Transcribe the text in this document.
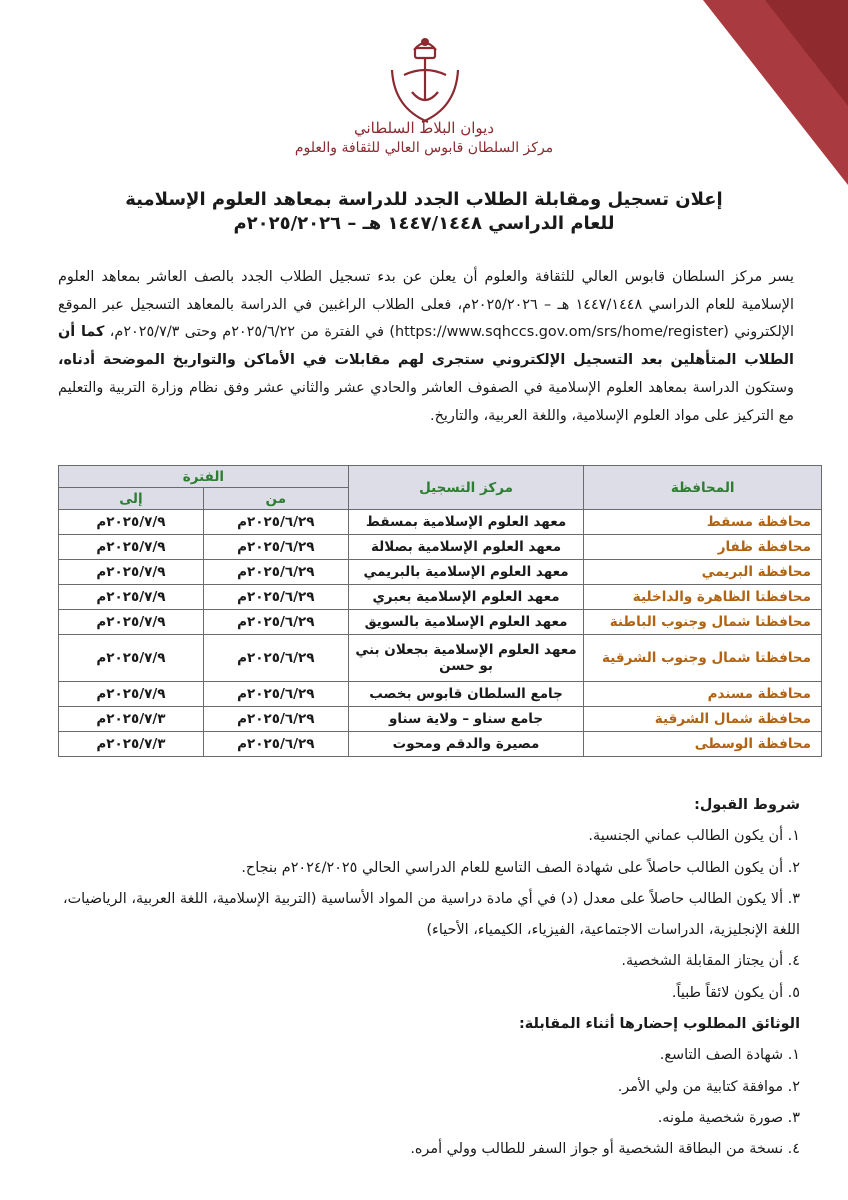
ديوان البلاط السلطاني
مركز السلطان قابوس العالي للثقافة والعلوم
إعلان تسجيل ومقابلة الطلاب الجدد للدراسة بمعاهد العلوم الإسلامية
للعام الدراسي ١٤٤٧/١٤٤٨ هـ – ٢٠٢٥/٢٠٢٦م
يسر مركز السلطان قابوس العالي للثقافة والعلوم أن يعلن عن بدء تسجيل الطلاب الجدد بالصف العاشر بمعاهد العلوم الإسلامية للعام الدراسي ١٤٤٧/١٤٤٨ هـ – ٢٠٢٥/٢٠٢٦م، فعلى الطلاب الراغبين في الدراسة بالمعاهد التسجيل عبر الموقع الإلكتروني (https://www.sqhccs.gov.om/srs/home/register) في الفترة من ٢٠٢٥/٦/٢٢م وحتى ٢٠٢٥/٧/٣م، كما أن الطلاب المتأهلين بعد التسجيل الإلكتروني ستجرى لهم مقابلات في الأماكن والتواريخ الموضحة أدناه، وستكون الدراسة بمعاهد العلوم الإسلامية في الصفوف العاشر والحادي عشر والثاني عشر وفق نظام وزارة التربية والتعليم مع التركيز على مواد العلوم الإسلامية، واللغة العربية، والتاريخ.
المحافظة	مركز التسجيل	الفترة	
		من	إلى
محافظة مسقط	معهد العلوم الإسلامية بمسقط	٢٠٢٥/٦/٢٩م	٢٠٢٥/٧/٩م
محافظة ظفار	معهد العلوم الإسلامية بصلالة	٢٠٢٥/٦/٢٩م	٢٠٢٥/٧/٩م
محافظة البريمي	معهد العلوم الإسلامية بالبريمي	٢٠٢٥/٦/٢٩م	٢٠٢٥/٧/٩م
محافظتا الظاهرة والداخلية	معهد العلوم الإسلامية بعبري	٢٠٢٥/٦/٢٩م	٢٠٢٥/٧/٩م
محافظتا شمال وجنوب الباطنة	معهد العلوم الإسلامية بالسويق	٢٠٢٥/٦/٢٩م	٢٠٢٥/٧/٩م
محافظتا شمال وجنوب الشرقية	معهد العلوم الإسلامية بجعلان بني بو حسن	٢٠٢٥/٦/٢٩م	٢٠٢٥/٧/٩م
محافظة مسندم	جامع السلطان قابوس بخصب	٢٠٢٥/٦/٢٩م	٢٠٢٥/٧/٩م
محافظة شمال الشرقية	جامع سناو – ولاية سناو	٢٠٢٥/٦/٢٩م	٢٠٢٥/٧/٣م
محافظة الوسطى	مصيرة والدقم ومحوت	٢٠٢٥/٦/٢٩م	٢٠٢٥/٧/٣م
شروط القبول:
١. أن يكون الطالب عماني الجنسية.
٢. أن يكون الطالب حاصلاً على شهادة الصف التاسع للعام الدراسي الحالي ٢٠٢٤/٢٠٢٥م بنجاح.
٣. ألا يكون الطالب حاصلاً على معدل (د) في أي مادة دراسية من المواد الأساسية (التربية الإسلامية، اللغة العربية، الرياضيات، اللغة الإنجليزية، الدراسات الاجتماعية، الفيزياء، الكيمياء، الأحياء)
٤. أن يجتاز المقابلة الشخصية.
٥. أن يكون لائقاً طبياً.
الوثائق المطلوب إحضارها أثناء المقابلة:
١. شهادة الصف التاسع.
٢. موافقة كتابية من ولي الأمر.
٣. صورة شخصية ملونه.
٤. نسخة من البطاقة الشخصية أو جواز السفر للطالب وولي أمره.
